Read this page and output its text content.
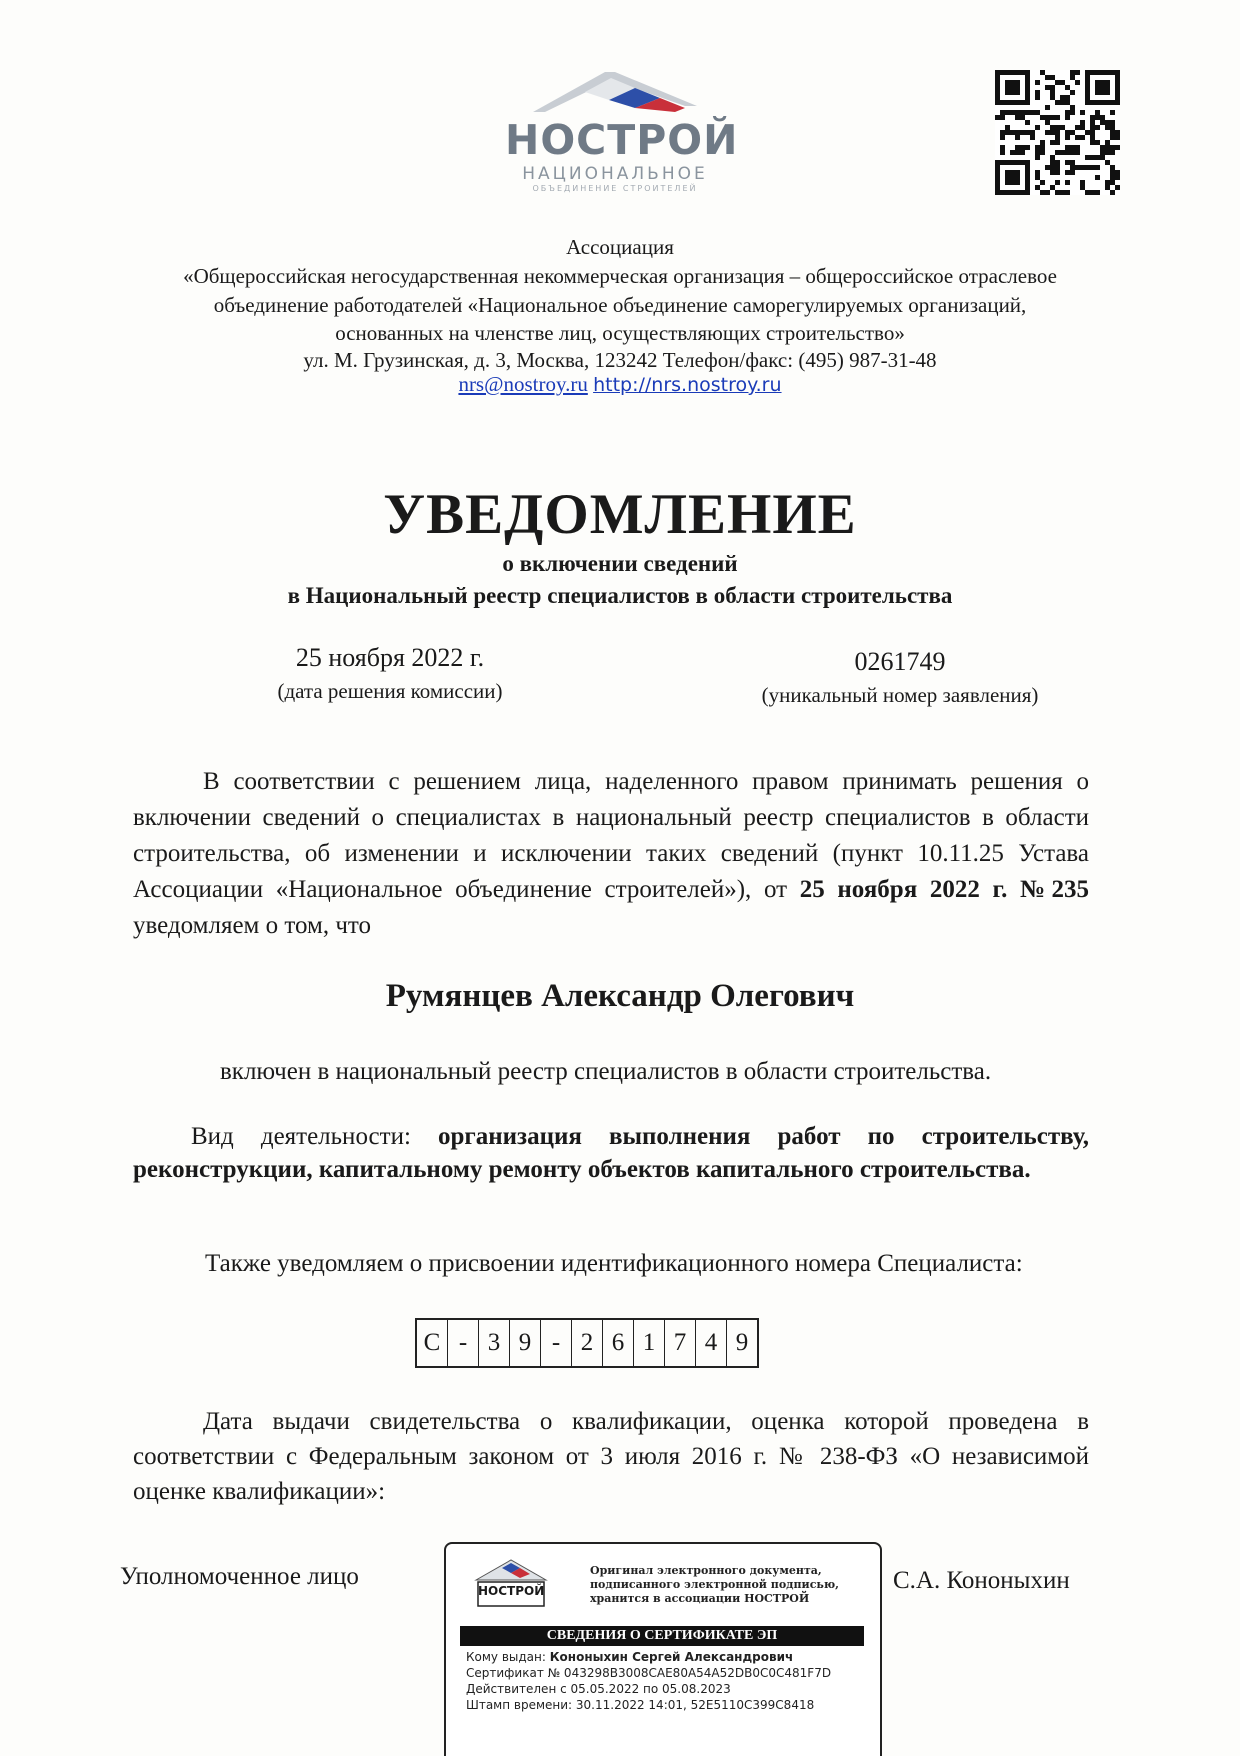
НОСТРОЙ
НАЦИОНАЛЬНОЕ
ОБЪЕДИНЕНИЕ СТРОИТЕЛЕЙ
Ассоциация
«Общероссийская негосударственная некоммерческая организация – общероссийское отраслевое
объединение работодателей «Национальное объединение саморегулируемых организаций,
основанных на членстве лиц, осуществляющих строительство»
ул. М. Грузинская, д. 3, Москва, 123242 Телефон/факс: (495) 987-31-48
nrs@nostroy.ru http://nrs.nostroy.ru
УВЕДОМЛЕНИЕ
о включении сведений
в Национальный реестр специалистов в области строительства
25 ноября 2022 г.
(дата решения комиссии)
0261749
(уникальный номер заявления)
В соответствии с решением лица, наделенного правом принимать решения о включении сведений о специалистах в национальный реестр специалистов в области строительства, об изменении и исключении таких сведений (пункт 10.11.25 Устава Ассоциации «Национальное объединение строителей»), от 25 ноября 2022 г. №235 уведомляем о том, что
Румянцев Александр Олегович
включен в национальный реестр специалистов в области строительства.
Вид деятельности: организация выполнения работ по строительству, реконструкции, капитальному ремонту объектов капитального строительства.
Также уведомляем о присвоении идентификационного номера Специалиста:
С - 3 9 - 2 6 1 7 4 9
Дата выдачи свидетельства о квалификации, оценка которой проведена в соответствии с Федеральным законом от 3 июля 2016 г. № 238-ФЗ «О независимой оценке квалификации»:
Уполномоченное лицо	С.А. Кононыхин
НОСТРОЙ
Оригинал электронного документа, подписанного электронной подписью, хранится в ассоциации НОСТРОЙ
СВЕДЕНИЯ О СЕРТИФИКАТЕ ЭП
Кому выдан: Кононыхин Сергей Александрович
Сертификат № 043298B3008CAE80A54A52DB0C0C481F7D
Действителен с 05.05.2022 по 05.08.2023
Штамп времени: 30.11.2022 14:01, 52E5110C399C8418
